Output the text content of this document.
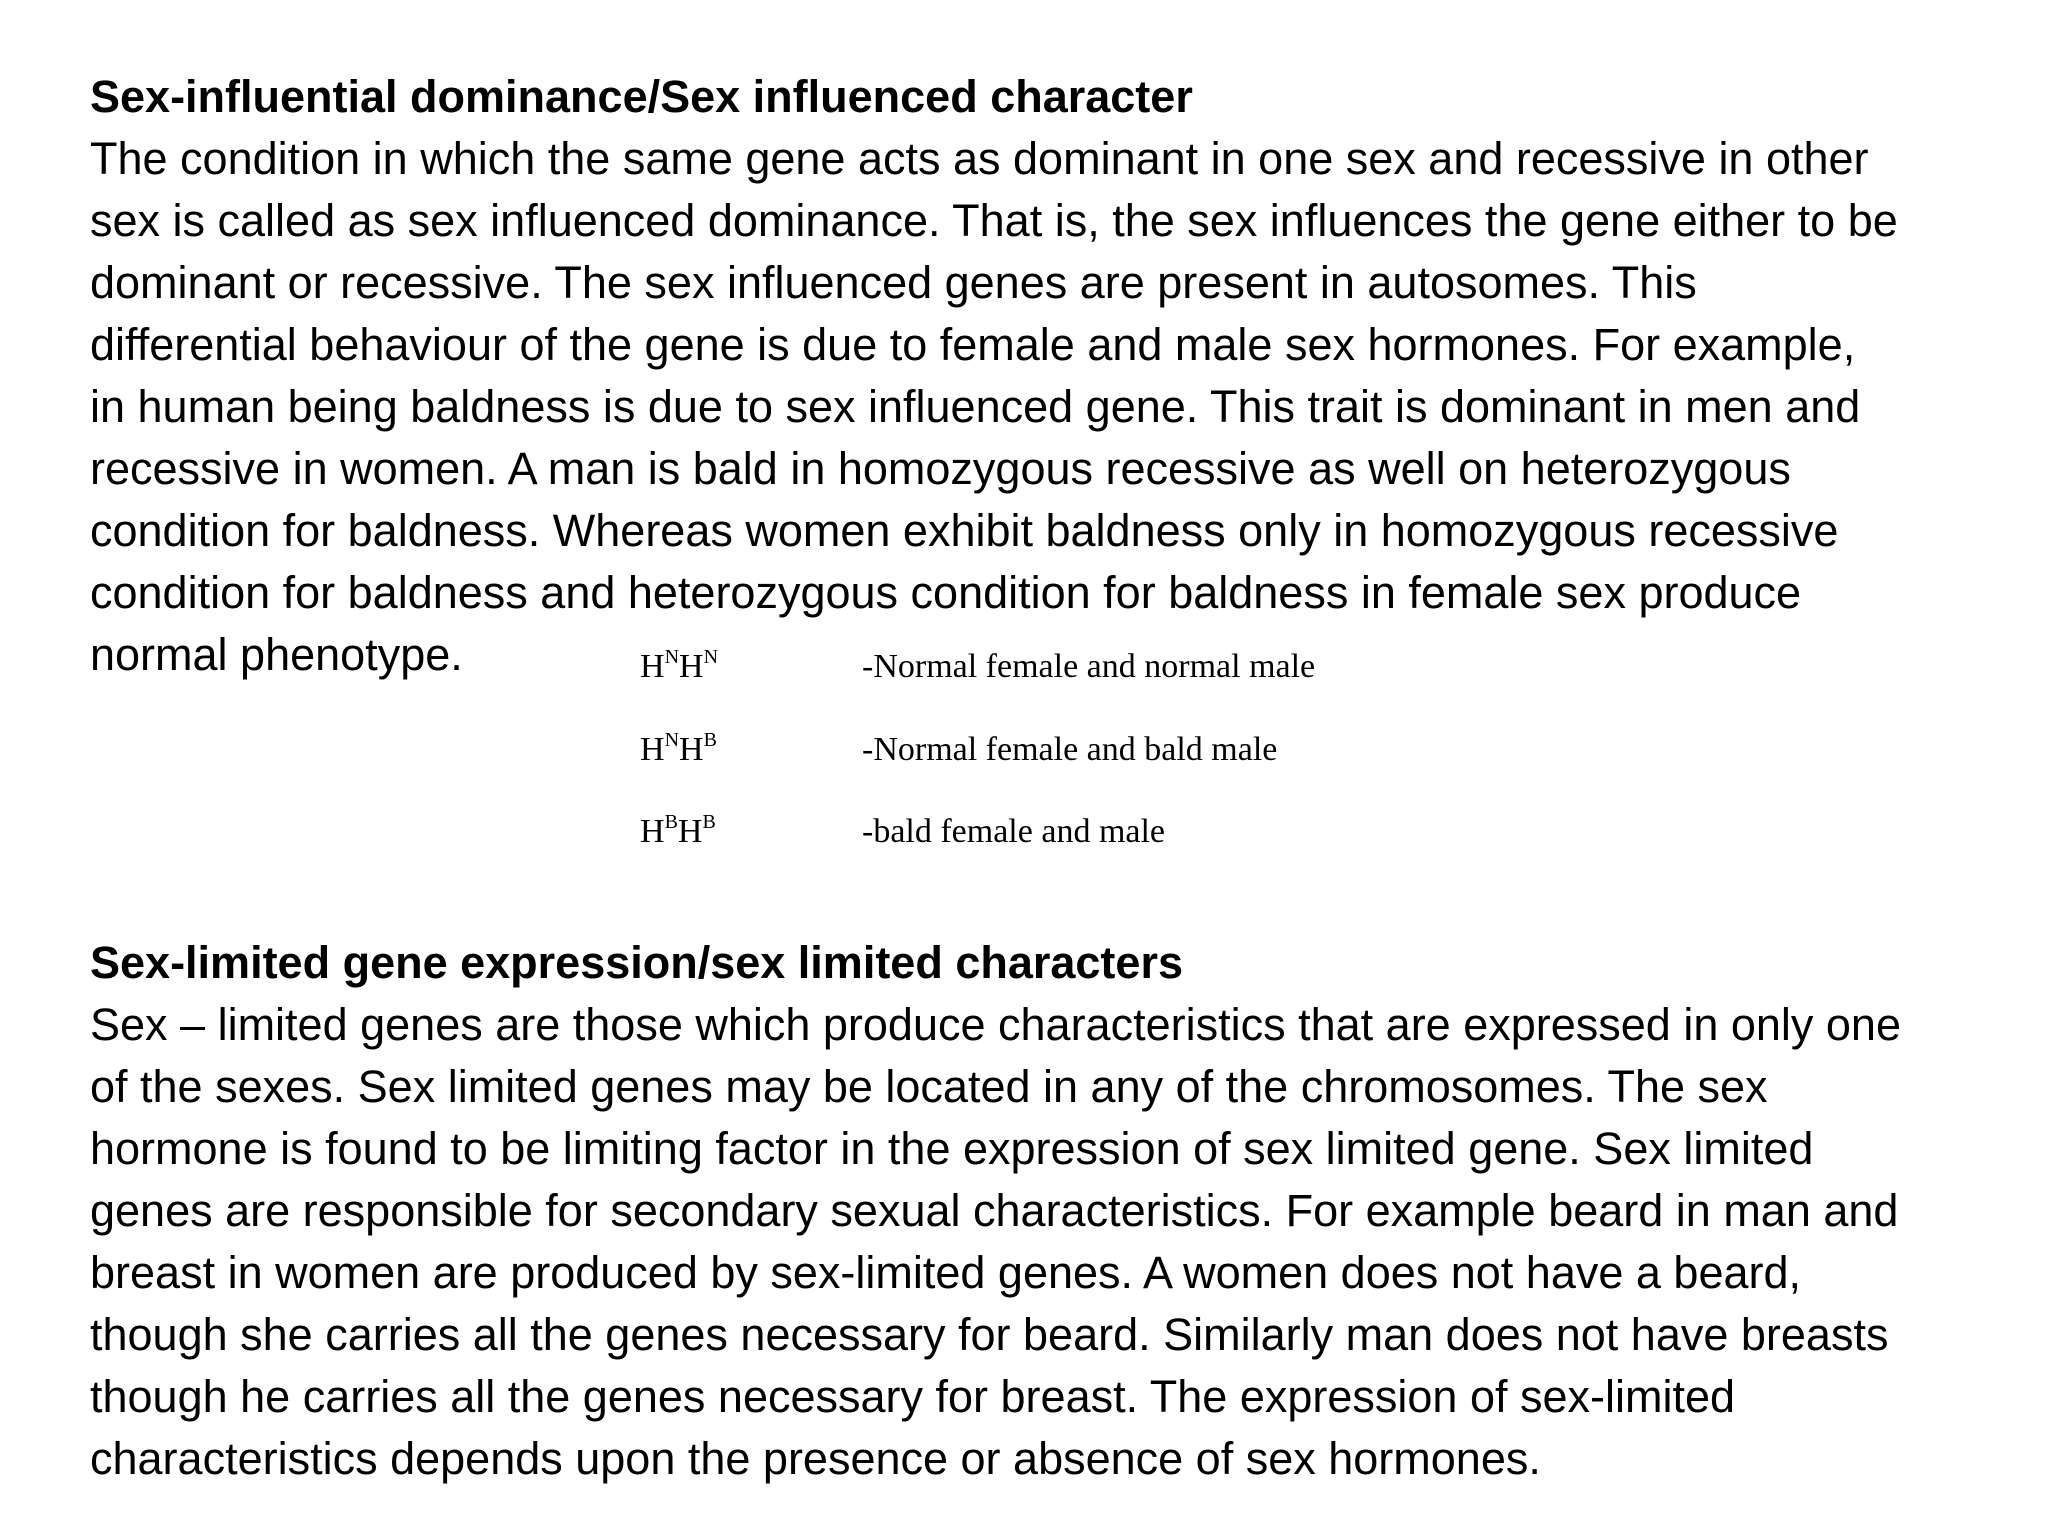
Sex-influential dominance/Sex influenced character
The condition in which the same gene acts as dominant in one sex and recessive in other
sex is called as sex influenced dominance. That is, the sex influences the gene either to be
dominant or recessive. The sex influenced genes are present in autosomes. This
differential behaviour of the gene is due to female and male sex hormones. For example,
in human being baldness is due to sex influenced gene. This trait is dominant in men and
recessive in women. A man is bald in homozygous recessive as well on heterozygous
condition for baldness. Whereas women exhibit baldness only in homozygous recessive
condition for baldness and heterozygous condition for baldness in female sex produce
normal phenotype.	$H^NH^N$	-Normal female and normal male
$H^NH^B$	-Normal female and bald male
$H^BH^B$	-bald female and male
Sex-limited gene expression/sex limited characters
Sex – limited genes are those which produce characteristics that are expressed in only one
of the sexes. Sex limited genes may be located in any of the chromosomes. The sex
hormone is found to be limiting factor in the expression of sex limited gene. Sex limited
genes are responsible for secondary sexual characteristics. For example beard in man and
breast in women are produced by sex-limited genes. A women does not have a beard,
though she carries all the genes necessary for beard. Similarly man does not have breasts
though he carries all the genes necessary for breast. The expression of sex-limited
characteristics depends upon the presence or absence of sex hormones.
